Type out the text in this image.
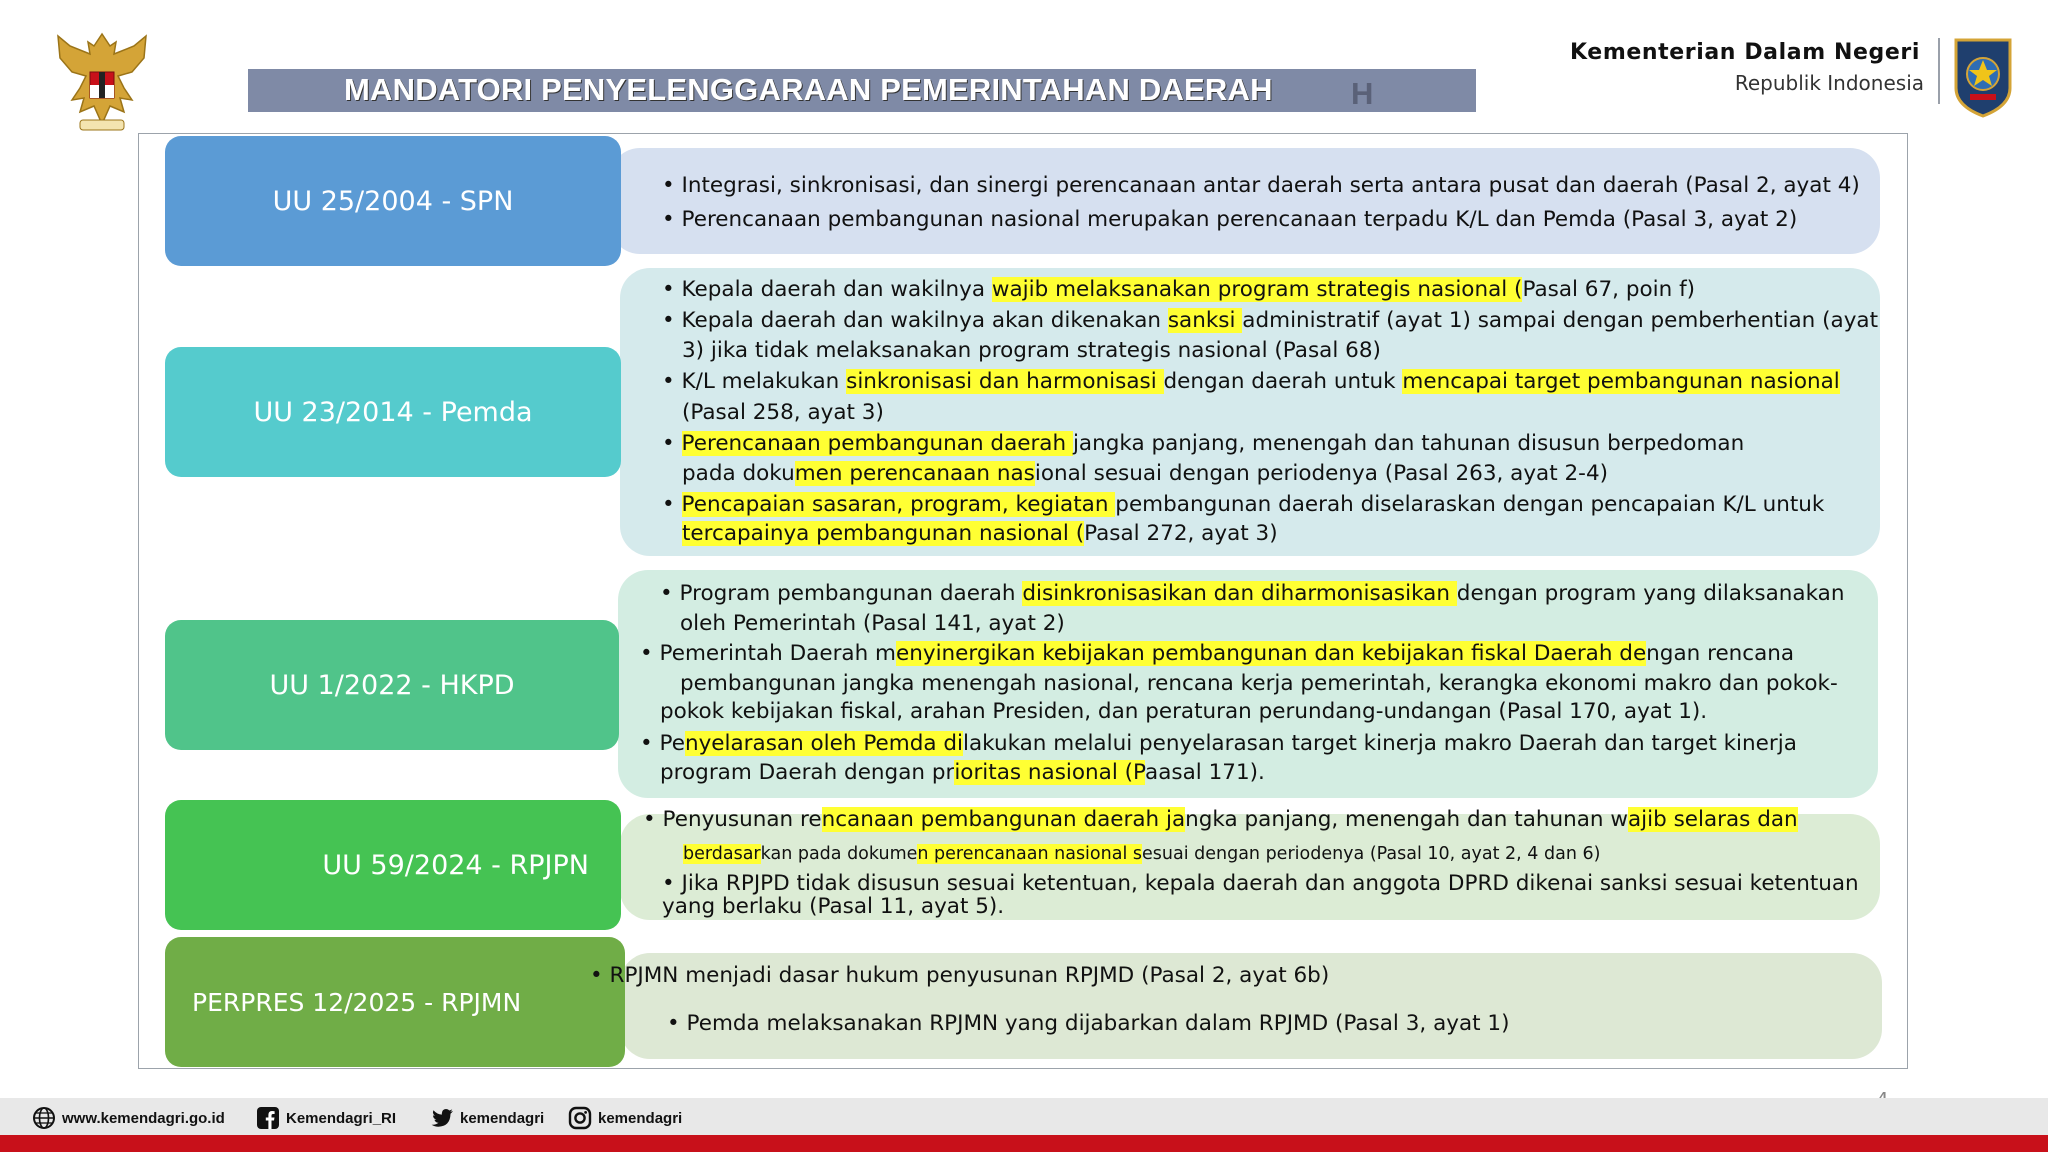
H
MANDATORI PENYELENGGARAAN PEMERINTAHAN DAERAH
Kementerian Dalam Negeri
Republik Indonesia
UU 25/2004 - SPN
UU 23/2014 - Pemda
UU 1/2022 - HKPD
UU 59/2024 - RPJPN
PERPRES 12/2025 - RPJMN
• Integrasi, sinkronisasi, dan sinergi perencanaan antar daerah serta antara pusat dan daerah (Pasal 2, ayat 4)
• Perencanaan pembangunan nasional merupakan perencanaan terpadu K/L dan Pemda (Pasal 3, ayat 2)
• Kepala daerah dan wakilnya wajib melaksanakan program strategis nasional (Pasal 67, poin f)
• Kepala daerah dan wakilnya akan dikenakan sanksi administratif (ayat 1) sampai dengan pemberhentian (ayat
3) jika tidak melaksanakan program strategis nasional (Pasal 68)
• K/L melakukan sinkronisasi dan harmonisasi dengan daerah untuk mencapai target pembangunan nasional
(Pasal 258, ayat 3)
• Perencanaan pembangunan daerah jangka panjang, menengah dan tahunan disusun berpedoman
pada dokumen perencanaan nasional sesuai dengan periodenya (Pasal 263, ayat 2-4)
• Pencapaian sasaran, program, kegiatan pembangunan daerah diselaraskan dengan pencapaian K/L untuk
tercapainya pembangunan nasional (Pasal 272, ayat 3)
• Program pembangunan daerah disinkronisasikan dan diharmonisasikan dengan program yang dilaksanakan
oleh Pemerintah (Pasal 141, ayat 2)
• Pemerintah Daerah menyinergikan kebijakan pembangunan dan kebijakan fiskal Daerah dengan rencana
pembangunan jangka menengah nasional, rencana kerja pemerintah, kerangka ekonomi makro dan pokok-
pokok kebijakan fiskal, arahan Presiden, dan peraturan perundang-undangan (Pasal 170, ayat 1).
• Penyelarasan oleh Pemda dilakukan melalui penyelarasan target kinerja makro Daerah dan target kinerja
program Daerah dengan prioritas nasional (Paasal 171).
• Penyusunan rencanaan pembangunan daerah jangka panjang, menengah dan tahunan wajib selaras dan
berdasarkan pada dokumen perencanaan nasional sesuai dengan periodenya (Pasal 10, ayat 2, 4 dan 6)
• Jika RPJPD tidak disusun sesuai ketentuan, kepala daerah dan anggota DPRD dikenai sanksi sesuai ketentuan
yang berlaku (Pasal 11, ayat 5).
• RPJMN menjadi dasar hukum penyusunan RPJMD (Pasal 2, ayat 6b)
• Pemda melaksanakan RPJMN yang dijabarkan dalam RPJMD (Pasal 3, ayat 1)
www.kemendagri.go.id	Kemendagri_RI	kemendagri	kemendagri
